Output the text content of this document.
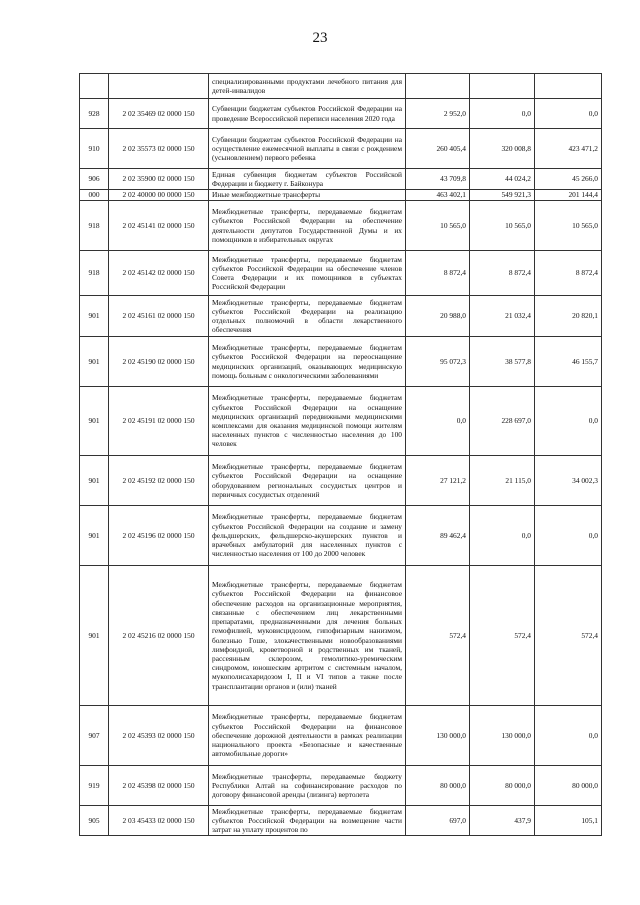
23
		специализированными продуктами лечебного питания для детей-инвалидов			
928	2 02 35469 02 0000 150	Субвенции бюджетам субъектов Российской Федерации на проведение Всероссийской переписи населения 2020 года	2 952,0	0,0	0,0
910	2 02 35573 02 0000 150	Субвенции бюджетам субъектов Российской Федерации на осуществление ежемесячной выплаты в связи с рождением (усыновлением) первого ребенка	260 405,4	320 008,8	423 471,2
906	2 02 35900 02 0000 150	Единая субвенция бюджетам субъектов Российской Федерации и бюджету г. Байконура	43 709,8	44 024,2	45 266,0
000	2 02 40000 00 0000 150	Иные межбюджетные трансферты	463 402,1	549 921,3	201 144,4
918	2 02 45141 02 0000 150	Межбюджетные трансферты, передаваемые бюджетам субъектов Российской Федерации на обеспечение деятельности депутатов Государственной Думы и их помощников в избирательных округах	10 565,0	10 565,0	10 565,0
918	2 02 45142 02 0000 150	Межбюджетные трансферты, передаваемые бюджетам субъектов Российской Федерации на обеспечение членов Совета Федерации и их помощников в субъектах Российской Федерации	8 872,4	8 872,4	8 872,4
901	2 02 45161 02 0000 150	Межбюджетные трансферты, передаваемые бюджетам субъектов Российской Федерации на реализацию отдельных полномочий в области лекарственного обеспечения	20 988,0	21 032,4	20 820,1
901	2 02 45190 02 0000 150	Межбюджетные трансферты, передаваемые бюджетам субъектов Российской Федерации на переоснащение медицинских организаций, оказывающих медицинскую помощь больным с онкологическими заболеваниями	95 072,3	38 577,8	46 155,7
901	2 02 45191 02 0000 150	Межбюджетные трансферты, передаваемые бюджетам субъектов Российской Федерации на оснащение медицинских организаций передвижными медицинскими комплексами для оказания медицинской помощи жителям населенных пунктов с численностью населения до 100 человек	0,0	228 697,0	0,0
901	2 02 45192 02 0000 150	Межбюджетные трансферты, передаваемые бюджетам субъектов Российской Федерации на оснащение оборудованием региональных сосудистых центров и первичных сосудистых отделений	27 121,2	21 115,0	34 002,3
901	2 02 45196 02 0000 150	Межбюджетные трансферты, передаваемые бюджетам субъектов Российской Федерации на создание и замену фельдшерских, фельдшерско-акушерских пунктов и врачебных амбулаторий для населенных пунктов с численностью населения от 100 до 2000 человек	89 462,4	0,0	0,0
901	2 02 45216 02 0000 150	Межбюджетные трансферты, передаваемые бюджетам субъектов Российской Федерации на финансовое обеспечение расходов на организационные мероприятия, связанные с обеспечением лиц лекарственными препаратами, предназначенными для лечения больных гемофилией, муковисцидозом, гипофизарным нанизмом, болезнью Гоше, злокачественными новообразованиями лимфоидной, кроветворной и родственных им тканей, рассеянным склерозом, гемолитико-уремическим синдромом, юношеским артритом с системным началом, мукополисахаридозом I, II и VI типов а также после трансплантации органов и (или) тканей	572,4	572,4	572,4
907	2 02 45393 02 0000 150	Межбюджетные трансферты, передаваемые бюджетам субъектов Российской Федерации на финансовое обеспечение дорожной деятельности в рамках реализации национального проекта «Безопасные и качественные автомобильные дороги»	130 000,0	130 000,0	0,0
919	2 02 45398 02 0000 150	Межбюджетные трансферты, передаваемые бюджету Республики Алтай на софинансирование расходов по договору финансовой аренды (лизинга) вертолета	80 000,0	80 000,0	80 000,0
905	2 03 45433 02 0000 150	Межбюджетные трансферты, передаваемые бюджетам субъектов Российской Федерации на возмещение части затрат на уплату процентов по	697,0	437,9	105,1
